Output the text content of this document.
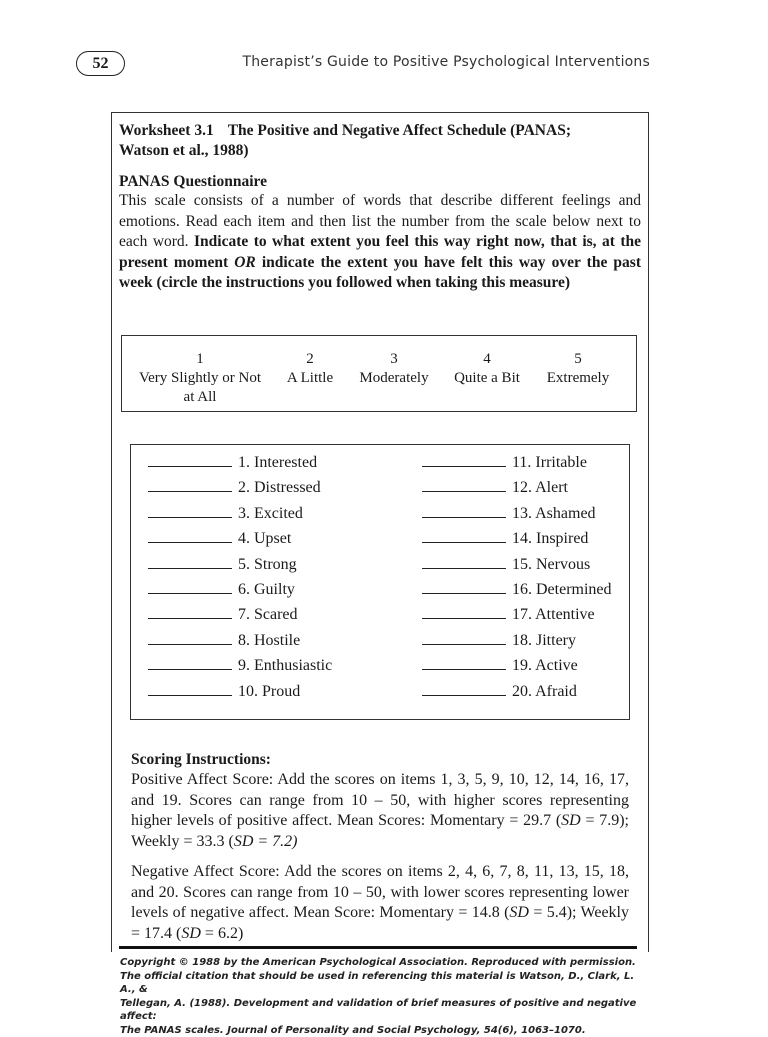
52	Therapist’s Guide to Positive Psychological Interventions
Worksheet 3.1 The Positive and Negative Affect Schedule (PANAS;
Watson et al., 1988)
PANAS Questionnaire
This scale consists of a number of words that describe different feelings and emotions. Read each item and then list the number from the scale below next to each word. Indicate to what extent you feel this way right now, that is, at the present moment OR indicate the extent you have felt this way over the past week (circle the instructions you followed when taking this measure)
1
Very Slightly or Not
at All
2
A Little
3
Moderately
4
Quite a Bit
5
Extremely
1. Interested
2. Distressed
3. Excited
4. Upset
5. Strong
6. Guilty
7. Scared
8. Hostile
9. Enthusiastic
10. Proud
11. Irritable
12. Alert
13. Ashamed
14. Inspired
15. Nervous
16. Determined
17. Attentive
18. Jittery
19. Active
20. Afraid
Scoring Instructions:
Positive Affect Score: Add the scores on items 1, 3, 5, 9, 10, 12, 14, 16, 17, and 19. Scores can range from 10 – 50, with higher scores representing higher levels of positive affect. Mean Scores: Momentary = 29.7 (SD = 7.9); Weekly = 33.3 (SD = 7.2)
Negative Affect Score: Add the scores on items 2, 4, 6, 7, 8, 11, 13, 15, 18, and 20. Scores can range from 10 – 50, with lower scores representing lower levels of negative affect. Mean Score: Momentary = 14.8 (SD = 5.4); Weekly = 17.4 (SD = 6.2)
Copyright © 1988 by the American Psychological Association. Reproduced with permission.
The official citation that should be used in referencing this material is Watson, D., Clark, L. A., &
Tellegan, A. (1988). Development and validation of brief measures of positive and negative affect:
The PANAS scales. Journal of Personality and Social Psychology, 54(6), 1063–1070.
